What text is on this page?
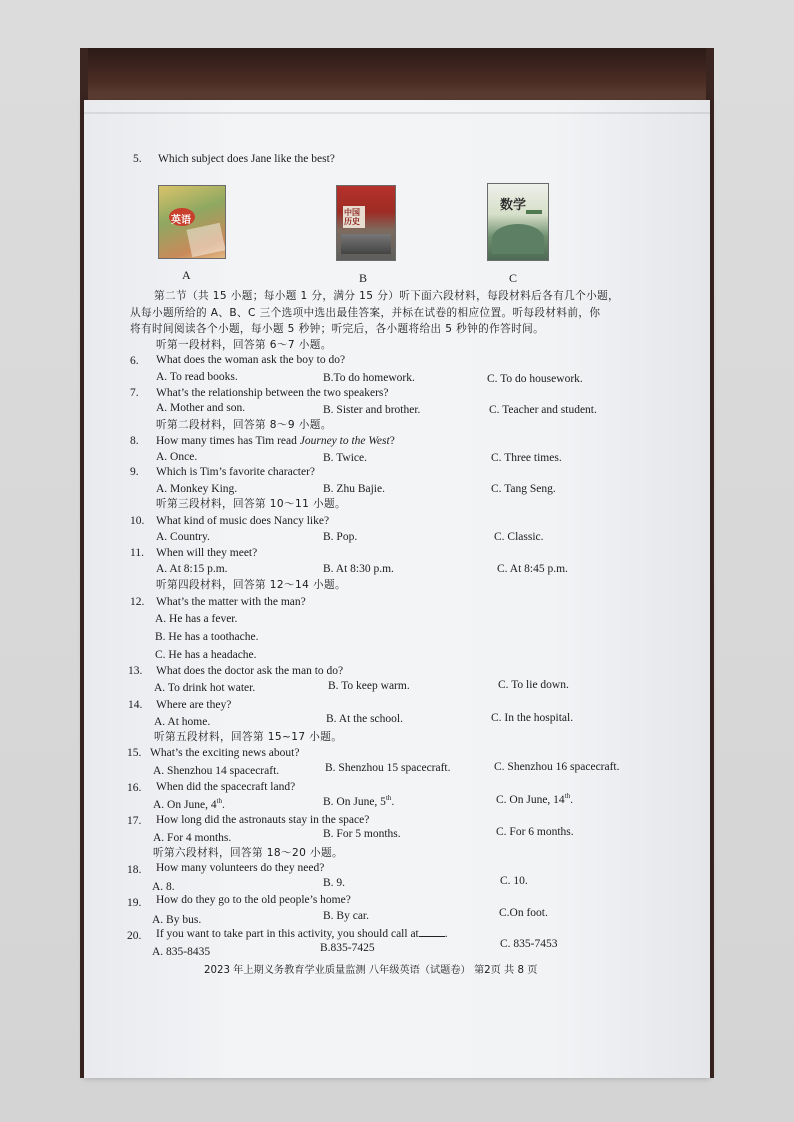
5. Which subject does Jane like the best?
英语
A
中国历史
B
数学
C
第二节（共 15 小题；每小题 1 分，满分 15 分）听下面六段材料，每段材料后各有几个小题，
从每小题所给的 A、B、C 三个选项中选出最佳答案，并标在试卷的相应位置。听每段材料前，你
将有时间阅读各个小题，每小题 5 秒钟；听完后，各小题将给出 5 秒钟的作答时间。
听第一段材料，回答第 6～7 小题。
6. What does the woman ask the boy to do?
A. To read books.	B.To do homework.	C. To do housework.
7. What’s the relationship between the two speakers?
A. Mother and son.	B. Sister and brother.	C. Teacher and student.
听第二段材料，回答第 8～9 小题。
8. How many times has Tim read Journey to the West?
A. Once.	B. Twice.	C. Three times.
9. Which is Tim’s favorite character?
A. Monkey King.	B. Zhu Bajie.	C. Tang Seng.
听第三段材料，回答第 10～11 小题。
10. What kind of music does Nancy like?
A. Country.	B. Pop.	C. Classic.
11. When will they meet?
A. At 8:15 p.m.	B. At 8:30 p.m.	C. At 8:45 p.m.
听第四段材料，回答第 12～14 小题。
12. What’s the matter with the man?
A. He has a fever.
B. He has a toothache.
C. He has a headache.
13. What does the doctor ask the man to do?
A. To drink hot water.	B. To keep warm.	C. To lie down.
14. Where are they?
A. At home.	B. At the school.	C. In the hospital.
听第五段材料，回答第 15~17 小题。
15. What’s the exciting news about?
A. Shenzhou 14 spacecraft.	B. Shenzhou 15 spacecraft.	C. Shenzhou 16 spacecraft.
16. When did the spacecraft land?
A. On June, 4th.	B. On June, 5th.	C. On June, 14th.
17. How long did the astronauts stay in the space?
A. For 4 months.	B. For 5 months.	C. For 6 months.
听第六段材料，回答第 18～20 小题。
18. How many volunteers do they need?
A. 8.	B. 9.	C. 10.
19. How do they go to the old people’s home?
A. By bus.	B. By car.	C.On foot.
20. If you want to take part in this activity, you should call at .
A. 835-8435	B.835-7425	C. 835-7453
2023 年上期义务教育学业质量监测 八年级英语（试题卷） 第2页 共 8 页
